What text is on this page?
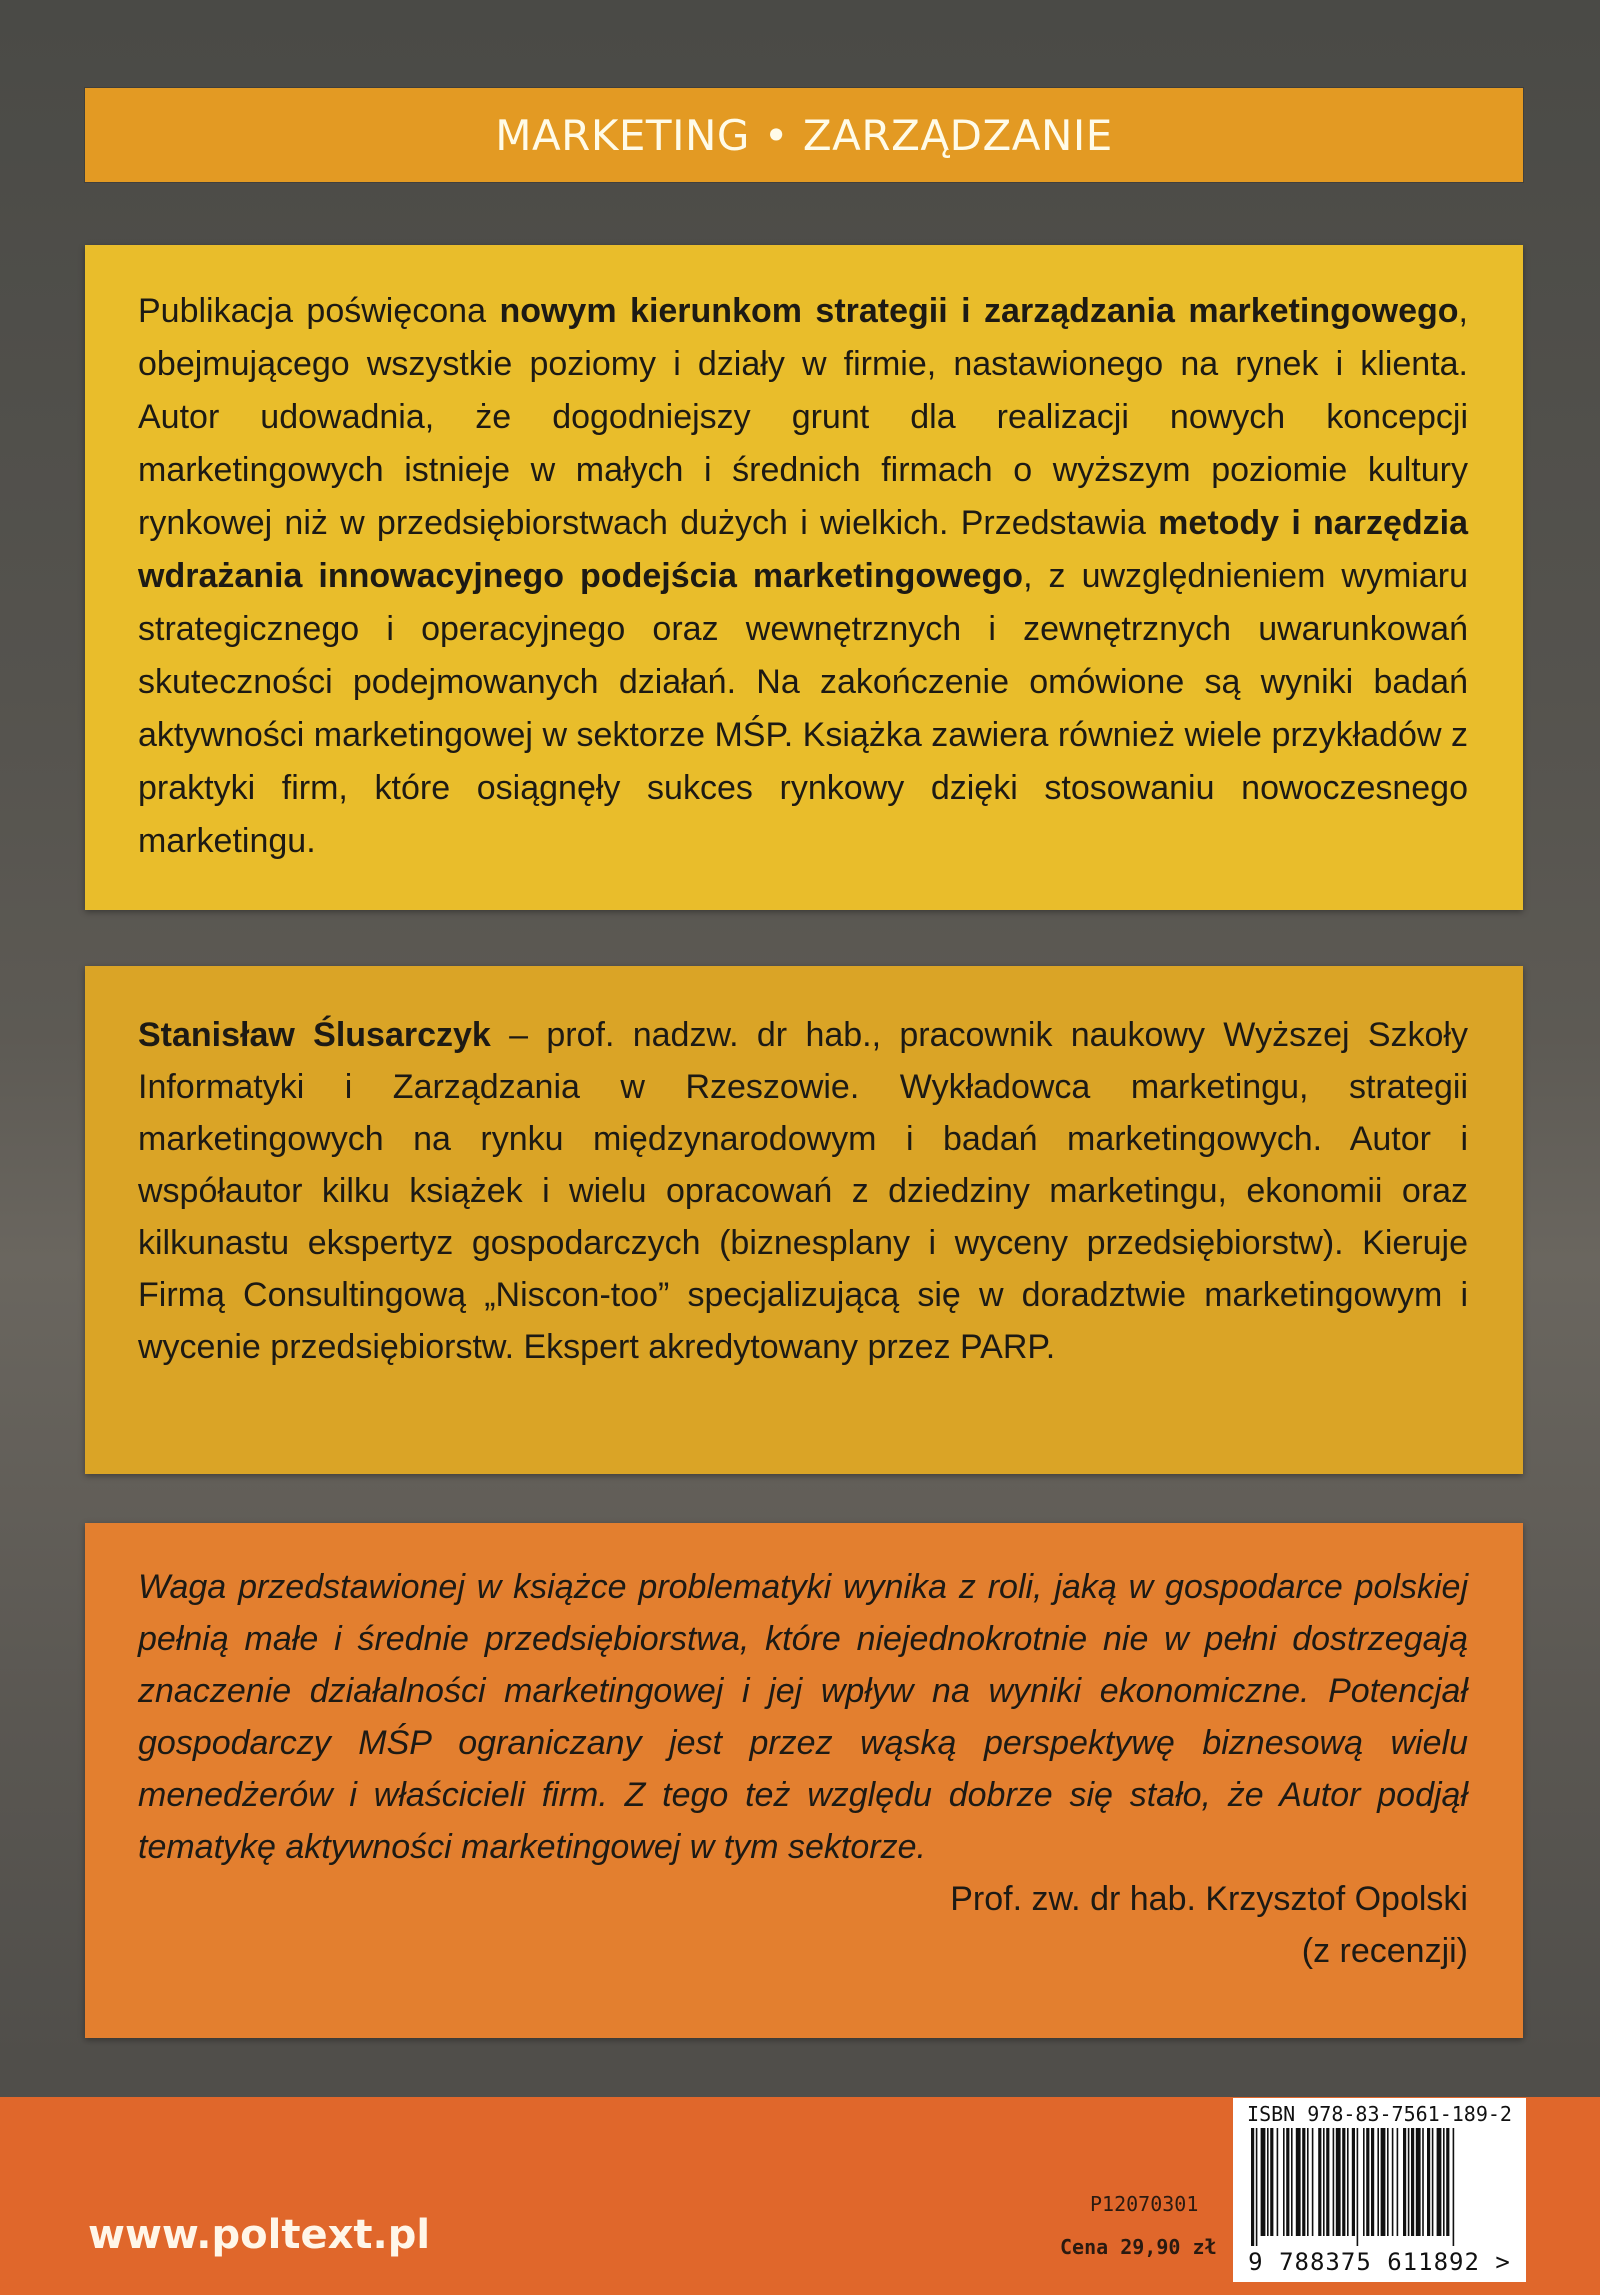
MARKETING • ZARZĄDZANIE

Publikacja poświęcona nowym kierunkom strategii i zarządzania marketingowego, obejmującego wszystkie poziomy i działy w firmie, nastawionego na rynek i klienta. Autor udowadnia, że dogodniejszy grunt dla realizacji nowych koncepcji marketingowych istnieje w małych i średnich firmach o wyższym poziomie kultury rynkowej niż w przedsiębiorstwach dużych i wielkich. Przedstawia metody i narzędzia wdrażania innowacyjnego podejścia marketingowego, z uwzględnieniem wymiaru strategicznego i operacyjnego oraz wewnętrznych i zewnętrznych uwarunkowań skuteczności podejmowanych działań. Na zakończenie omówione są wyniki badań aktywności marketingowej w sektorze MŚP. Książka zawiera również wiele przykładów z praktyki firm, które osiągnęły sukces rynkowy dzięki stosowaniu nowoczesnego marketingu.

Stanisław Ślusarczyk – prof. nadzw. dr hab., pracownik naukowy Wyższej Szkoły Informatyki i Zarządzania w Rzeszowie. Wykładowca marketingu, strategii marketingowych na rynku międzynarodowym i badań marketingowych. Autor i współautor kilku książek i wielu opracowań z dziedziny marketingu, ekonomii oraz kilkunastu ekspertyz gospodarczych (biznesplany i wyceny przedsiębiorstw). Kieruje Firmą Consultingową „Niscon-too” specjalizującą się w doradztwie marketingowym i wycenie przedsiębiorstw. Ekspert akredytowany przez PARP.

Waga przedstawionej w książce problematyki wynika z roli, jaką w gospodarce polskiej pełnią małe i średnie przedsiębiorstwa, które niejednokrotnie nie w pełni dostrzegają znaczenie działalności marketingowej i jej wpływ na wyniki ekonomiczne. Potencjał gospodarczy MŚP ograniczany jest przez wąską perspektywę biznesową wielu menedżerów i właścicieli firm. Z tego też względu dobrze się stało, że Autor podjął tematykę aktywności marketingowej w tym sektorze.

Prof. zw. dr hab. Krzysztof Opolski

(z recenzji)

www.poltext.pl
P12070301
Cena 29,90 zł
ISBN 978-83-7561-189-2
9 788375 611892 >
